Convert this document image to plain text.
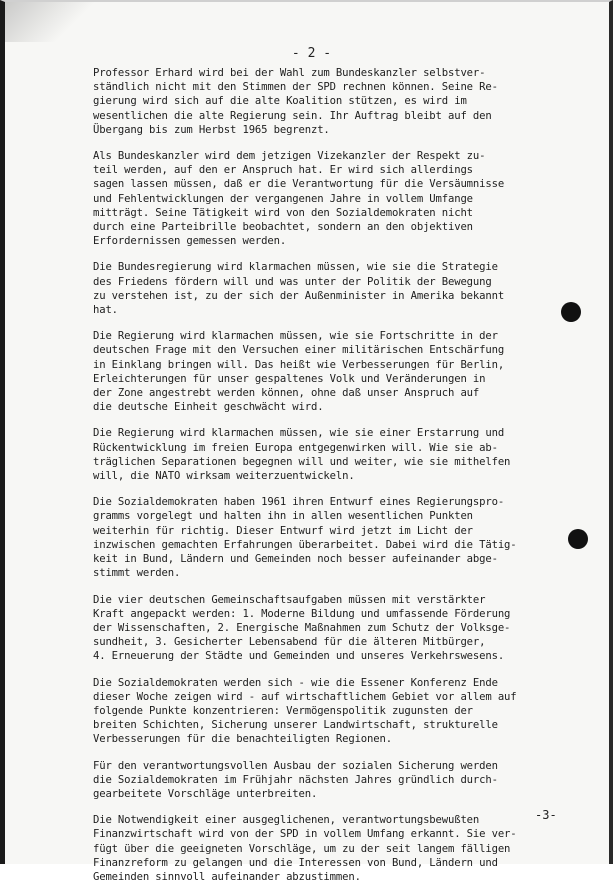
- 2 -
Professor Erhard wird bei der Wahl zum Bundeskanzler selbstver-
ständlich nicht mit den Stimmen der SPD rechnen können. Seine Re-
gierung wird sich auf die alte Koalition stützen, es wird im
wesentlichen die alte Regierung sein. Ihr Auftrag bleibt auf den
Übergang bis zum Herbst 1965 begrenzt.
Als Bundeskanzler wird dem jetzigen Vizekanzler der Respekt zu-
teil werden, auf den er Anspruch hat. Er wird sich allerdings
sagen lassen müssen, daß er die Verantwortung für die Versäumnisse
und Fehlentwicklungen der vergangenen Jahre in vollem Umfange
mitträgt. Seine Tätigkeit wird von den Sozialdemokraten nicht
durch eine Parteibrille beobachtet, sondern an den objektiven
Erfordernissen gemessen werden.
Die Bundesregierung wird klarmachen müssen, wie sie die Strategie
des Friedens fördern will und was unter der Politik der Bewegung
zu verstehen ist, zu der sich der Außenminister in Amerika bekannt
hat.
Die Regierung wird klarmachen müssen, wie sie Fortschritte in der
deutschen Frage mit den Versuchen einer militärischen Entschärfung
in Einklang bringen will. Das heißt wie Verbesserungen für Berlin,
Erleichterungen für unser gespaltenes Volk und Veränderungen in
der Zone angestrebt werden können, ohne daß unser Anspruch auf
die deutsche Einheit geschwächt wird.
Die Regierung wird klarmachen müssen, wie sie einer Erstarrung und
Rückentwicklung im freien Europa entgegenwirken will. Wie sie ab-
träglichen Separationen begegnen will und weiter, wie sie mithelfen
will, die NATO wirksam weiterzuentwickeln.
Die Sozialdemokraten haben 1961 ihren Entwurf eines Regierungspro-
gramms vorgelegt und halten ihn in allen wesentlichen Punkten
weiterhin für richtig. Dieser Entwurf wird jetzt im Licht der
inzwischen gemachten Erfahrungen überarbeitet. Dabei wird die Tätig-
keit in Bund, Ländern und Gemeinden noch besser aufeinander abge-
stimmt werden.
Die vier deutschen Gemeinschaftsaufgaben müssen mit verstärkter
Kraft angepackt werden: 1. Moderne Bildung und umfassende Förderung
der Wissenschaften, 2. Energische Maßnahmen zum Schutz der Volksge-
sundheit, 3. Gesicherter Lebensabend für die älteren Mitbürger,
4. Erneuerung der Städte und Gemeinden und unseres Verkehrswesens.
Die Sozialdemokraten werden sich - wie die Essener Konferenz Ende
dieser Woche zeigen wird - auf wirtschaftlichem Gebiet vor allem auf
folgende Punkte konzentrieren: Vermögenspolitik zugunsten der
breiten Schichten, Sicherung unserer Landwirtschaft, strukturelle
Verbesserungen für die benachteiligten Regionen.
Für den verantwortungsvollen Ausbau der sozialen Sicherung werden
die Sozialdemokraten im Frühjahr nächsten Jahres gründlich durch-
gearbeitete Vorschläge unterbreiten.
Die Notwendigkeit einer ausgeglichenen, verantwortungsbewußten
Finanzwirtschaft wird von der SPD in vollem Umfang erkannt. Sie ver-
fügt über die geeigneten Vorschläge, um zu der seit langem fälligen
Finanzreform zu gelangen und die Interessen von Bund, Ländern und
Gemeinden sinnvoll aufeinander abzustimmen.
-3-
